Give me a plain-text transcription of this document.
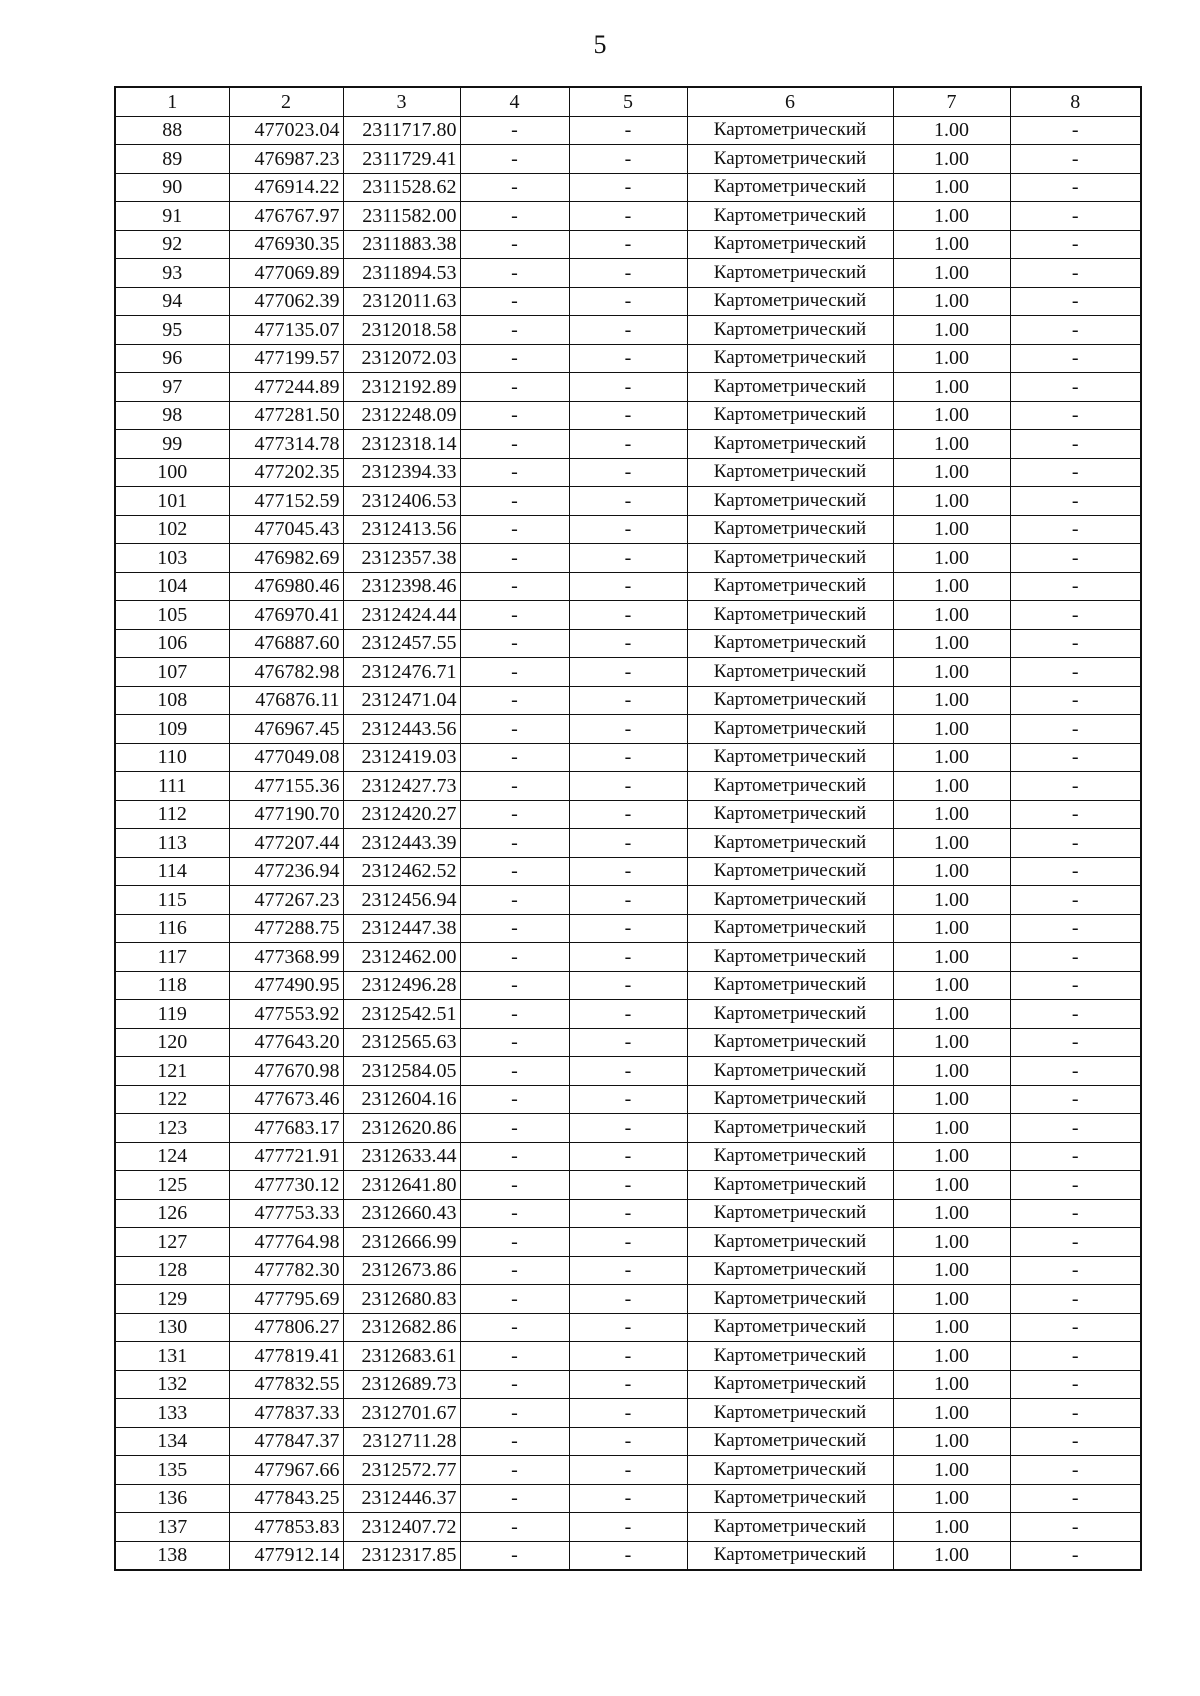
5
1	2	3	4	5	6	7	8
88	477023.04	2311717.80	-	-	Картометрический	1.00	-
89	476987.23	2311729.41	-	-	Картометрический	1.00	-
90	476914.22	2311528.62	-	-	Картометрический	1.00	-
91	476767.97	2311582.00	-	-	Картометрический	1.00	-
92	476930.35	2311883.38	-	-	Картометрический	1.00	-
93	477069.89	2311894.53	-	-	Картометрический	1.00	-
94	477062.39	2312011.63	-	-	Картометрический	1.00	-
95	477135.07	2312018.58	-	-	Картометрический	1.00	-
96	477199.57	2312072.03	-	-	Картометрический	1.00	-
97	477244.89	2312192.89	-	-	Картометрический	1.00	-
98	477281.50	2312248.09	-	-	Картометрический	1.00	-
99	477314.78	2312318.14	-	-	Картометрический	1.00	-
100	477202.35	2312394.33	-	-	Картометрический	1.00	-
101	477152.59	2312406.53	-	-	Картометрический	1.00	-
102	477045.43	2312413.56	-	-	Картометрический	1.00	-
103	476982.69	2312357.38	-	-	Картометрический	1.00	-
104	476980.46	2312398.46	-	-	Картометрический	1.00	-
105	476970.41	2312424.44	-	-	Картометрический	1.00	-
106	476887.60	2312457.55	-	-	Картометрический	1.00	-
107	476782.98	2312476.71	-	-	Картометрический	1.00	-
108	476876.11	2312471.04	-	-	Картометрический	1.00	-
109	476967.45	2312443.56	-	-	Картометрический	1.00	-
110	477049.08	2312419.03	-	-	Картометрический	1.00	-
111	477155.36	2312427.73	-	-	Картометрический	1.00	-
112	477190.70	2312420.27	-	-	Картометрический	1.00	-
113	477207.44	2312443.39	-	-	Картометрический	1.00	-
114	477236.94	2312462.52	-	-	Картометрический	1.00	-
115	477267.23	2312456.94	-	-	Картометрический	1.00	-
116	477288.75	2312447.38	-	-	Картометрический	1.00	-
117	477368.99	2312462.00	-	-	Картометрический	1.00	-
118	477490.95	2312496.28	-	-	Картометрический	1.00	-
119	477553.92	2312542.51	-	-	Картометрический	1.00	-
120	477643.20	2312565.63	-	-	Картометрический	1.00	-
121	477670.98	2312584.05	-	-	Картометрический	1.00	-
122	477673.46	2312604.16	-	-	Картометрический	1.00	-
123	477683.17	2312620.86	-	-	Картометрический	1.00	-
124	477721.91	2312633.44	-	-	Картометрический	1.00	-
125	477730.12	2312641.80	-	-	Картометрический	1.00	-
126	477753.33	2312660.43	-	-	Картометрический	1.00	-
127	477764.98	2312666.99	-	-	Картометрический	1.00	-
128	477782.30	2312673.86	-	-	Картометрический	1.00	-
129	477795.69	2312680.83	-	-	Картометрический	1.00	-
130	477806.27	2312682.86	-	-	Картометрический	1.00	-
131	477819.41	2312683.61	-	-	Картометрический	1.00	-
132	477832.55	2312689.73	-	-	Картометрический	1.00	-
133	477837.33	2312701.67	-	-	Картометрический	1.00	-
134	477847.37	2312711.28	-	-	Картометрический	1.00	-
135	477967.66	2312572.77	-	-	Картометрический	1.00	-
136	477843.25	2312446.37	-	-	Картометрический	1.00	-
137	477853.83	2312407.72	-	-	Картометрический	1.00	-
138	477912.14	2312317.85	-	-	Картометрический	1.00	-
